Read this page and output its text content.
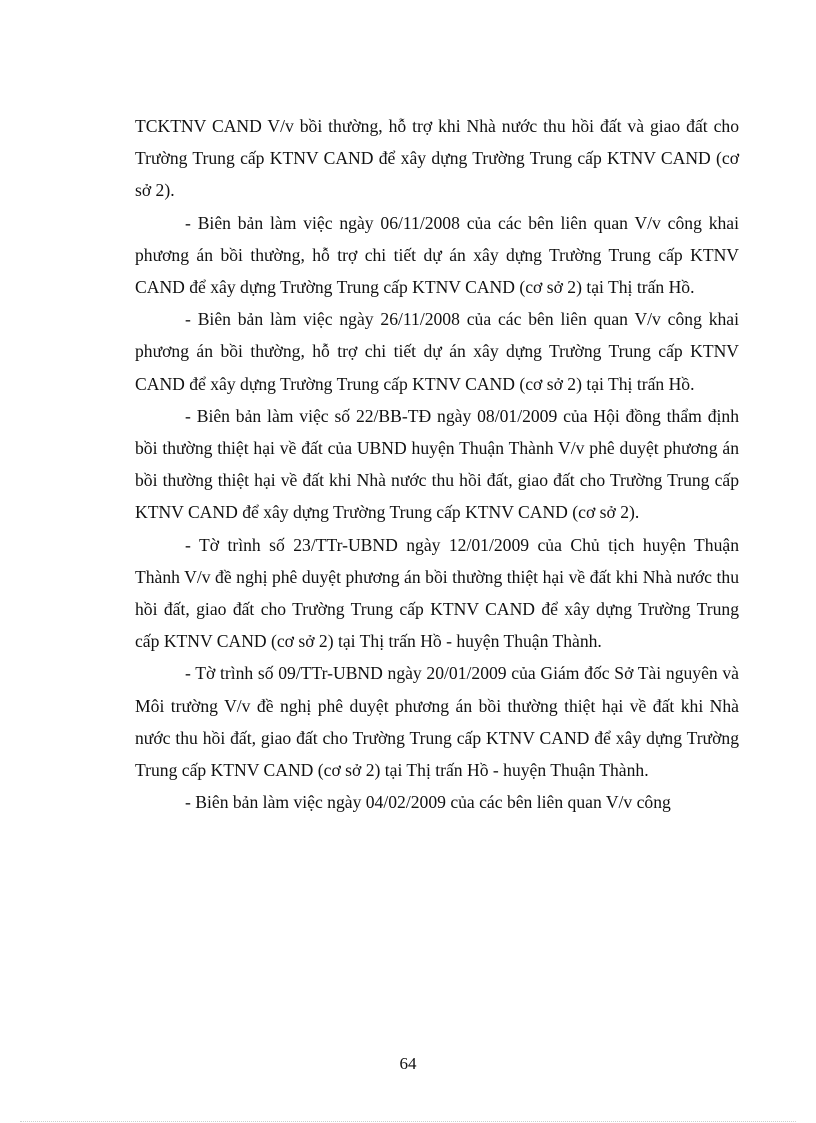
TCKTNV CAND V/v bồi thường, hỗ trợ khi Nhà nước thu hồi đất và giao đất cho Trường Trung cấp KTNV CAND để xây dựng Trường Trung cấp KTNV CAND (cơ sở 2).

- Biên bản làm việc ngày 06/11/2008 của các bên liên quan V/v công khai phương án bồi thường, hỗ trợ chi tiết dự án xây dựng Trường Trung cấp KTNV CAND để xây dựng Trường Trung cấp KTNV CAND (cơ sở 2) tại Thị trấn Hồ.

- Biên bản làm việc ngày 26/11/2008 của các bên liên quan V/v công khai phương án bồi thường, hỗ trợ chi tiết dự án xây dựng Trường Trung cấp KTNV CAND để xây dựng Trường Trung cấp KTNV CAND (cơ sở 2) tại Thị trấn Hồ.

- Biên bản làm việc số 22/BB-TĐ ngày 08/01/2009 của Hội đồng thẩm định bồi thường thiệt hại về đất của UBND huyện Thuận Thành V/v phê duyệt phương án bồi thường thiệt hại về đất khi Nhà nước thu hồi đất, giao đất cho Trường Trung cấp KTNV CAND để xây dựng Trường Trung cấp KTNV CAND (cơ sở 2).

- Tờ trình số 23/TTr-UBND ngày 12/01/2009 của Chủ tịch huyện Thuận Thành V/v đề nghị phê duyệt phương án bồi thường thiệt hại về đất khi Nhà nước thu hồi đất, giao đất cho Trường Trung cấp KTNV CAND để xây dựng Trường Trung cấp KTNV CAND (cơ sở 2) tại Thị trấn Hồ - huyện Thuận Thành.

- Tờ trình số 09/TTr-UBND ngày 20/01/2009 của Giám đốc Sở Tài nguyên và Môi trường V/v đề nghị phê duyệt phương án bồi thường thiệt hại về đất khi Nhà nước thu hồi đất, giao đất cho Trường Trung cấp KTNV CAND để xây dựng Trường Trung cấp KTNV CAND (cơ sở 2) tại Thị trấn Hồ - huyện Thuận Thành.

- Biên bản làm việc ngày 04/02/2009 của các bên liên quan V/v công

64
